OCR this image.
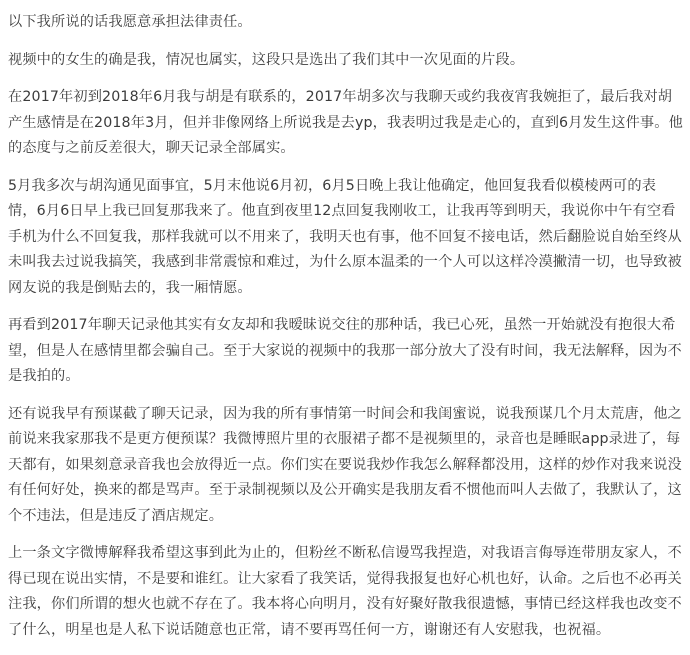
以下我所说的话我愿意承担法律责任。

视频中的女生的确是我，情况也属实，这段只是选出了我们其中一次见面的片段。

在2017年初到2018年6月我与胡是有联系的，2017年胡多次与我聊天或约我夜宵我婉拒了，最后我对胡产生感情是在2018年3月，但并非像网络上所说我是去yp，我表明过我是走心的，直到6月发生这件事。他的态度与之前反差很大，聊天记录全部属实。

5月我多次与胡沟通见面事宜，5月末他说6月初，6月5日晚上我让他确定，他回复我看似模棱两可的表情，6月6日早上我已回复那我来了。他直到夜里12点回复我刚收工，让我再等到明天，我说你中午有空看手机为什么不回复我，那样我就可以不用来了，我明天也有事，他不回复不接电话，然后翻脸说自始至终从未叫我去过说我搞笑，我感到非常震惊和难过，为什么原本温柔的一个人可以这样冷漠撇清一切，也导致被网友说的我是倒贴去的，我一厢情愿。

再看到2017年聊天记录他其实有女友却和我暧昧说交往的那种话，我已心死，虽然一开始就没有抱很大希望，但是人在感情里都会骗自己。至于大家说的视频中的我那一部分放大了没有时间，我无法解释，因为不是我拍的。

还有说我早有预谋截了聊天记录，因为我的所有事情第一时间会和我闺蜜说，说我预谋几个月太荒唐，他之前说来我家那我不是更方便预谋？我微博照片里的衣服裙子都不是视频里的，录音也是睡眠app录进了，每天都有，如果刻意录音我也会放得近一点。你们实在要说我炒作我怎么解释都没用，这样的炒作对我来说没有任何好处，换来的都是骂声。至于录制视频以及公开确实是我朋友看不惯他而叫人去做了，我默认了，这个不违法，但是违反了酒店规定。

上一条文字微博解释我希望这事到此为止的，但粉丝不断私信谩骂我捏造，对我语言侮辱连带朋友家人，不得已现在说出实情，不是要和谁红。让大家看了我笑话，觉得我报复也好心机也好，认命。之后也不必再关注我，你们所谓的想火也就不存在了。我本将心向明月，没有好聚好散我很遗憾，事情已经这样我也改变不了什么，明星也是人私下说话随意也正常，请不要再骂任何一方，谢谢还有人安慰我，也祝福。
